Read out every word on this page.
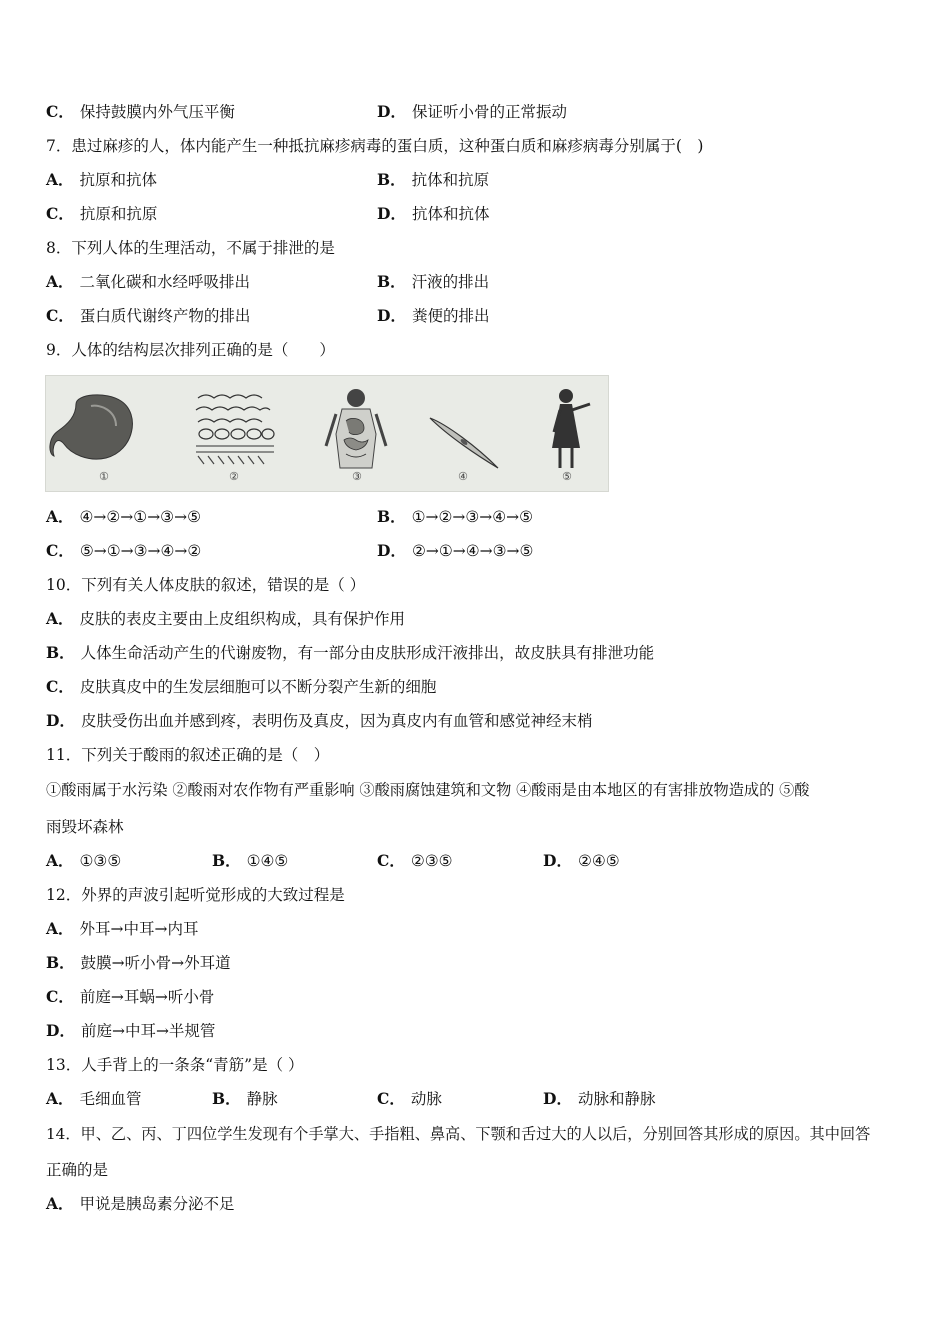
C． 保持鼓膜内外气压平衡	D． 保证听小骨的正常振动
7．患过麻疹的人，体内能产生一种抵抗麻疹病毒的蛋白质，这种蛋白质和麻疹病毒分别属于(　)
A． 抗原和抗体	B． 抗体和抗原
C． 抗原和抗原	D． 抗体和抗体
8．下列人体的生理活动，不属于排泄的是
A． 二氧化碳和水经呼吸排出	B． 汗液的排出
C． 蛋白质代谢终产物的排出	D． 粪便的排出
9．人体的结构层次排列正确的是（　　）
①	②	③	④	⑤
A． ④→②→①→③→⑤	B． ①→②→③→④→⑤
C． ⑤→①→③→④→②	D． ②→①→④→③→⑤
10．下列有关人体皮肤的叙述，错误的是（ ）
A． 皮肤的表皮主要由上皮组织构成，具有保护作用
B． 人体生命活动产生的代谢废物，有一部分由皮肤形成汗液排出，故皮肤具有排泄功能
C． 皮肤真皮中的生发层细胞可以不断分裂产生新的细胞
D． 皮肤受伤出血并感到疼，表明伤及真皮，因为真皮内有血管和感觉神经末梢
11．下列关于酸雨的叙述正确的是（　）
①酸雨属于水污染 ②酸雨对农作物有严重影响 ③酸雨腐蚀建筑和文物 ④酸雨是由本地区的有害排放物造成的 ⑤酸
雨毁坏森林
A． ①③⑤	B． ①④⑤	C． ②③⑤	D． ②④⑤
12．外界的声波引起听觉形成的大致过程是
A． 外耳→中耳→内耳
B． 鼓膜→听小骨→外耳道
C． 前庭→耳蜗→听小骨
D． 前庭→中耳→半规管
13．人手背上的一条条“青筋”是（ ）
A． 毛细血管	B． 静脉	C． 动脉	D． 动脉和静脉
14．甲、乙、丙、丁四位学生发现有个手掌大、手指粗、鼻高、下颚和舌过大的人以后，分别回答其形成的原因。其中回答
正确的是
A． 甲说是胰岛素分泌不足
